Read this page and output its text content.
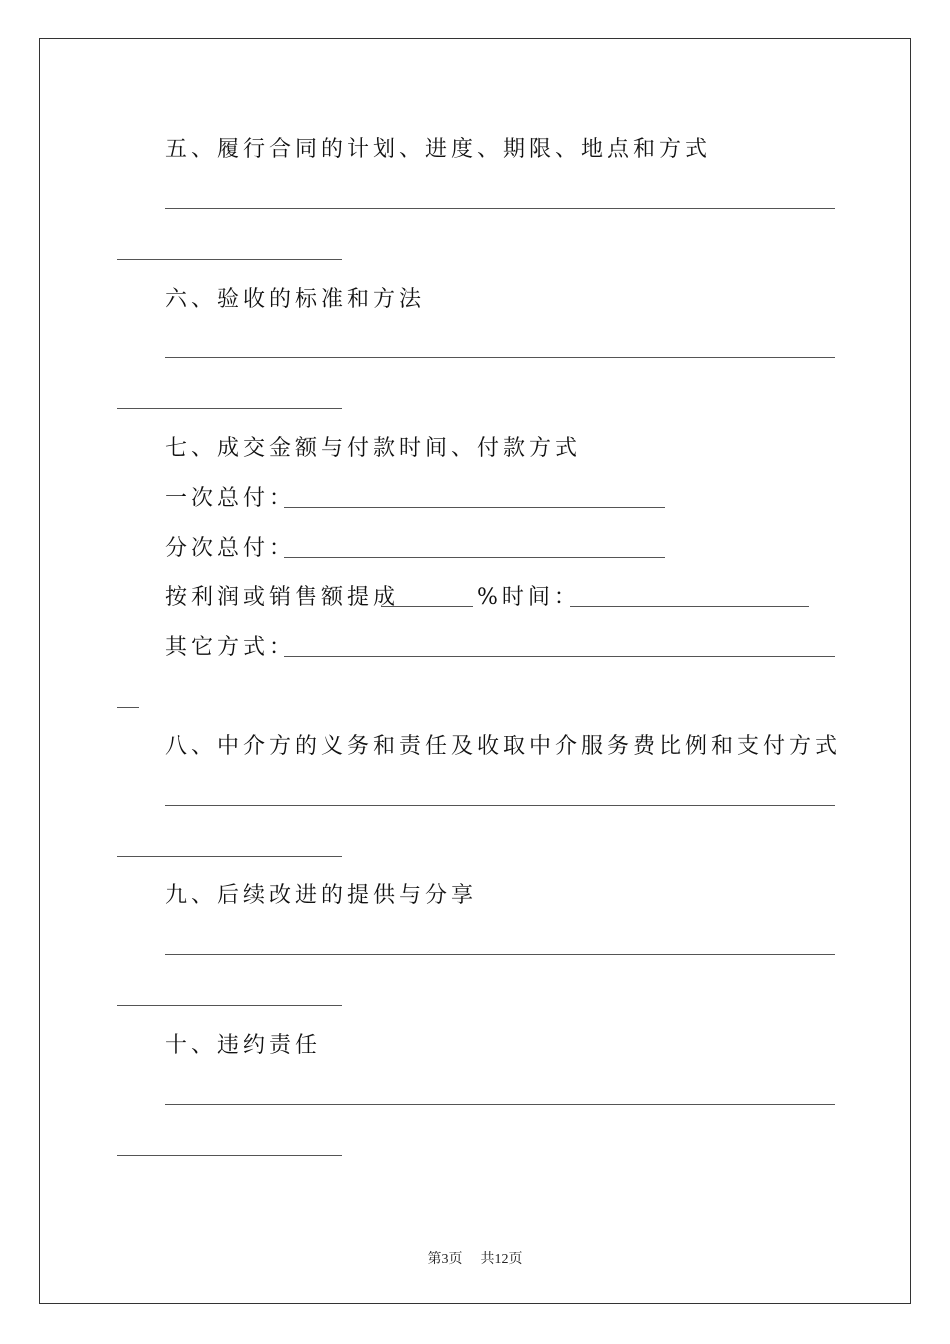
五、履行合同的计划、进度、期限、地点和方式
六、验收的标准和方法
七、成交金额与付款时间、付款方式
一次总付：
分次总付：
按利润或销售额提成	%时间：
其它方式：
八、中介方的义务和责任及收取中介服务费比例和支付方式
九、后续改进的提供与分享
十、违约责任
第3页 共12页
